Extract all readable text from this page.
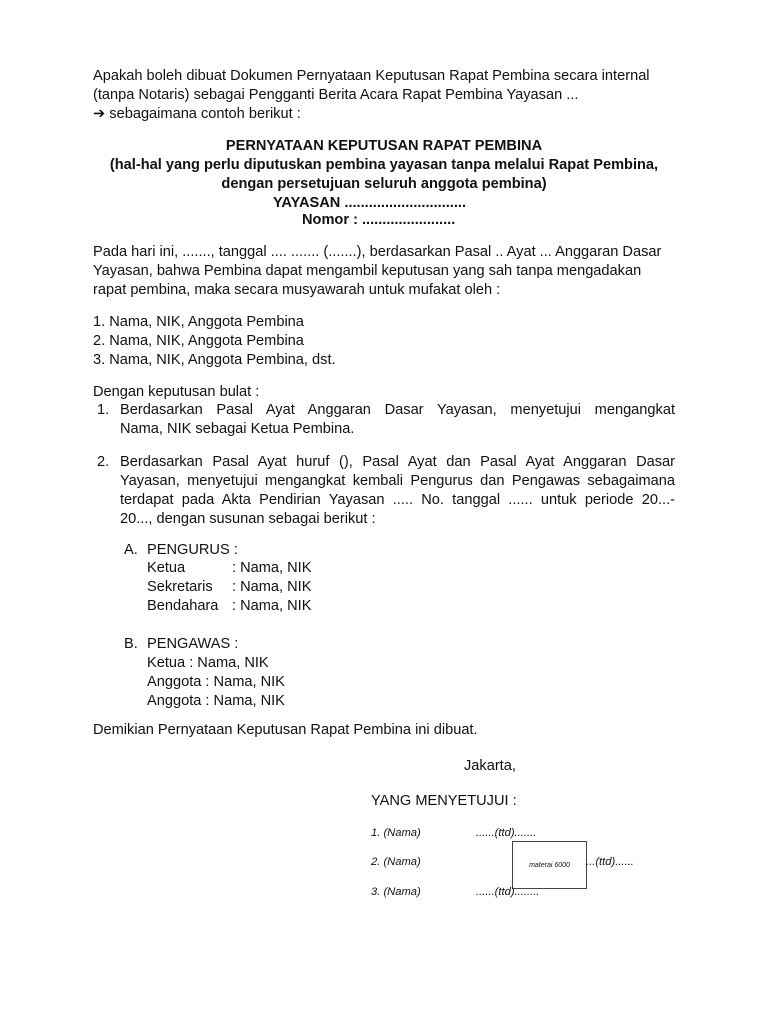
Apakah boleh dibuat Dokumen Pernyataan Keputusan Rapat Pembina secara internal
(tanpa Notaris) sebagai Pengganti Berita Acara Rapat Pembina Yayasan ...
➔ sebagaimana contoh berikut :
PERNYATAAN KEPUTUSAN RAPAT PEMBINA
(hal-hal yang perlu diputuskan pembina yayasan tanpa melalui Rapat Pembina,
dengan persetujuan seluruh anggota pembina)
YAYASAN ..............................
Nomor : .......................
Pada hari ini, ......., tanggal .... ....... (.......), berdasarkan Pasal .. Ayat ... Anggaran Dasar
Yayasan, bahwa Pembina dapat mengambil keputusan yang sah tanpa mengadakan
rapat pembina, maka secara musyawarah untuk mufakat oleh :
1. Nama, NIK, Anggota Pembina
2. Nama, NIK, Anggota Pembina
3. Nama, NIK, Anggota Pembina, dst.
Dengan keputusan bulat :
1. Berdasarkan Pasal Ayat Anggaran Dasar Yayasan, menyetujui mengangkat
Nama, NIK sebagai Ketua Pembina.
2. Berdasarkan Pasal Ayat huruf (), Pasal Ayat dan Pasal Ayat Anggaran Dasar
Yayasan, menyetujui mengangkat kembali Pengurus dan Pengawas sebagaimana
terdapat pada Akta Pendirian Yayasan ..... No. tanggal ...... untuk periode 20...-
20..., dengan susunan sebagai berikut :
A. PENGURUS :
Ketua	: Nama, NIK
Sekretaris : Nama, NIK
Bendahara : Nama, NIK
B. PENGAWAS :
Ketua : Nama, NIK
Anggota : Nama, NIK
Anggota : Nama, NIK
Demikian Pernyataan Keputusan Rapat Pembina ini dibuat.
Jakarta,
YANG MENYETUJUI :
1. (Nama)	......(ttd).......
materai 6000
2. (Nama)	...(ttd)......
3. (Nama)	......(ttd)........
